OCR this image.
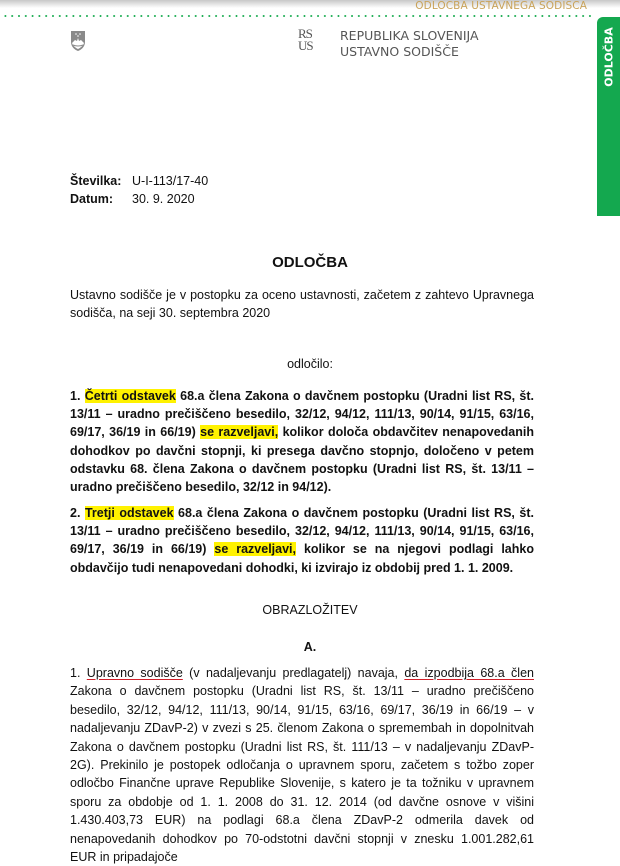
ODLOCBA USTAVNEGA SODISCA
ODLOČBA
RS
US
REPUBLIKA SLOVENIJA
USTAVNO SODIŠČE
Številka: U-I-113/17-40
Datum:	30. 9. 2020
ODLOČBA
Ustavno sodišče je v postopku za oceno ustavnosti, začetem z zahtevo Upravnega sodišča, na seji 30. septembra 2020
odločilo:
1. Četrti odstavek 68.a člena Zakona o davčnem postopku (Uradni list RS, št. 13/11 – uradno prečiščeno besedilo, 32/12, 94/12, 111/13, 90/14, 91/15, 63/16, 69/17, 36/19 in 66/19) se razveljavi, kolikor določa obdavčitev nenapovedanih dohodkov po davčni stopnji, ki presega davčno stopnjo, določeno v petem odstavku 68. člena Zakona o davčnem postopku (Uradni list RS, št. 13/11 – uradno prečiščeno besedilo, 32/12 in 94/12).
2. Tretji odstavek 68.a člena Zakona o davčnem postopku (Uradni list RS, št. 13/11 – uradno prečiščeno besedilo, 32/12, 94/12, 111/13, 90/14, 91/15, 63/16, 69/17, 36/19 in 66/19) se razveljavi, kolikor se na njegovi podlagi lahko obdavčijo tudi nenapovedani dohodki, ki izvirajo iz obdobij pred 1. 1. 2009.
OBRAZLOŽITEV
A.
1. Upravno sodišče (v nadaljevanju predlagatelj) navaja, da izpodbija 68.a člen Zakona o davčnem postopku (Uradni list RS, št. 13/11 – uradno prečiščeno besedilo, 32/12, 94/12, 111/13, 90/14, 91/15, 63/16, 69/17, 36/19 in 66/19 – v nadaljevanju ZDavP-2) v zvezi s 25. členom Zakona o spremembah in dopolnitvah Zakona o davčnem postopku (Uradni list RS, št. 111/13 – v nadaljevanju ZDavP-2G). Prekinilo je postopek odločanja o upravnem sporu, začetem s tožbo zoper odločbo Finančne uprave Republike Slovenije, s katero je ta tožniku v upravnem sporu za obdobje od 1. 1. 2008 do 31. 12. 2014 (od davčne osnove v višini 1.430.403,73 EUR) na podlagi 68.a člena ZDavP-2 odmerila davek od nenapovedanih dohodkov po 70-odstotni davčni stopnji v znesku 1.001.282,61 EUR in pripadajoče
